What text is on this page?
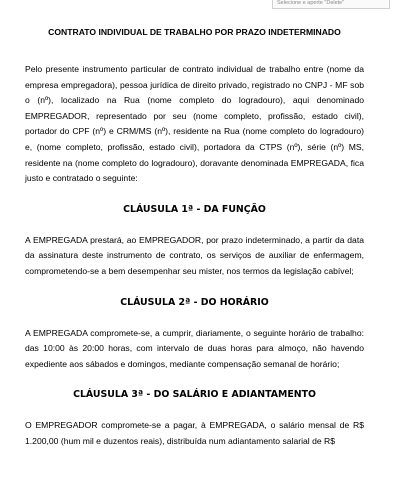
Selecione e aperte "Delete"
CONTRATO INDIVIDUAL DE TRABALHO POR PRAZO INDETERMINADO

Pelo presente instrumento particular de contrato individual de trabalho entre (nome da empresa empregadora), pessoa jurídica de direito privado, registrado no CNPJ - MF sob o (nº), localizado na Rua (nome completo do logradouro), aqui denominado EMPREGADOR, representado por seu (nome completo, profissão, estado civil), portador do CPF (nº) e CRM/MS (nº), residente na Rua (nome completo do logradouro) e, (nome completo, profissão, estado civil), portadora da CTPS (nº), série (nº) MS, residente na (nome completo do logradouro), doravante denominada EMPREGADA, fica justo e contratado o seguinte:

CLÁUSULA 1ª - DA FUNÇÃO

A EMPREGADA prestará, ao EMPREGADOR, por prazo indeterminado, a partir da data da assinatura deste instrumento de contrato, os serviços de auxiliar de enfermagem, comprometendo-se a bem desempenhar seu mister, nos termos da legislação cabível;

CLÁUSULA 2ª - DO HORÁRIO

A EMPREGADA compromete-se, a cumprir, diariamente, o seguinte horário de trabalho: das 10:00 às 20:00 horas, com intervalo de duas horas para almoço, não havendo expediente aos sábados e domingos, mediante compensação semanal de horário;

CLÁUSULA 3ª - DO SALÁRIO E ADIANTAMENTO

O EMPREGADOR compromete-se a pagar, à EMPREGADA, o salário mensal de R$ 1.200,00 (hum mil e duzentos reais), distribuída num adiantamento salarial de R$
